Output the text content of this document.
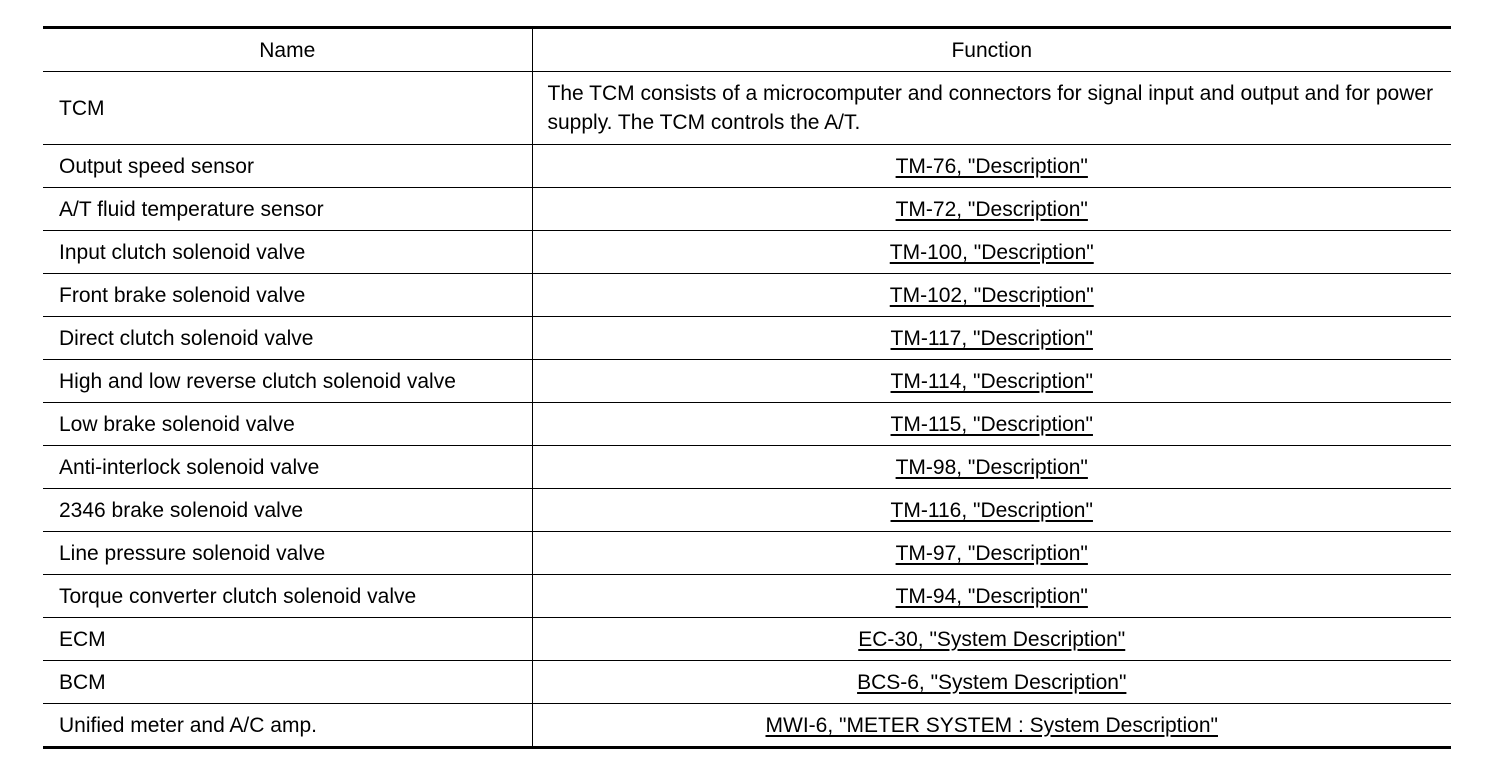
Name	Function
TCM	The TCM consists of a microcomputer and connectors for signal input and output and for power supply. The TCM controls the A/T.
Output speed sensor	TM-76, "Description"
A/T fluid temperature sensor	TM-72, "Description"
Input clutch solenoid valve	TM-100, "Description"
Front brake solenoid valve	TM-102, "Description"
Direct clutch solenoid valve	TM-117, "Description"
High and low reverse clutch solenoid valve	TM-114, "Description"
Low brake solenoid valve	TM-115, "Description"
Anti-interlock solenoid valve	TM-98, "Description"
2346 brake solenoid valve	TM-116, "Description"
Line pressure solenoid valve	TM-97, "Description"
Torque converter clutch solenoid valve	TM-94, "Description"
ECM	EC-30, "System Description"
BCM	BCS-6, "System Description"
Unified meter and A/C amp.	MWI-6, "METER SYSTEM : System Description"
